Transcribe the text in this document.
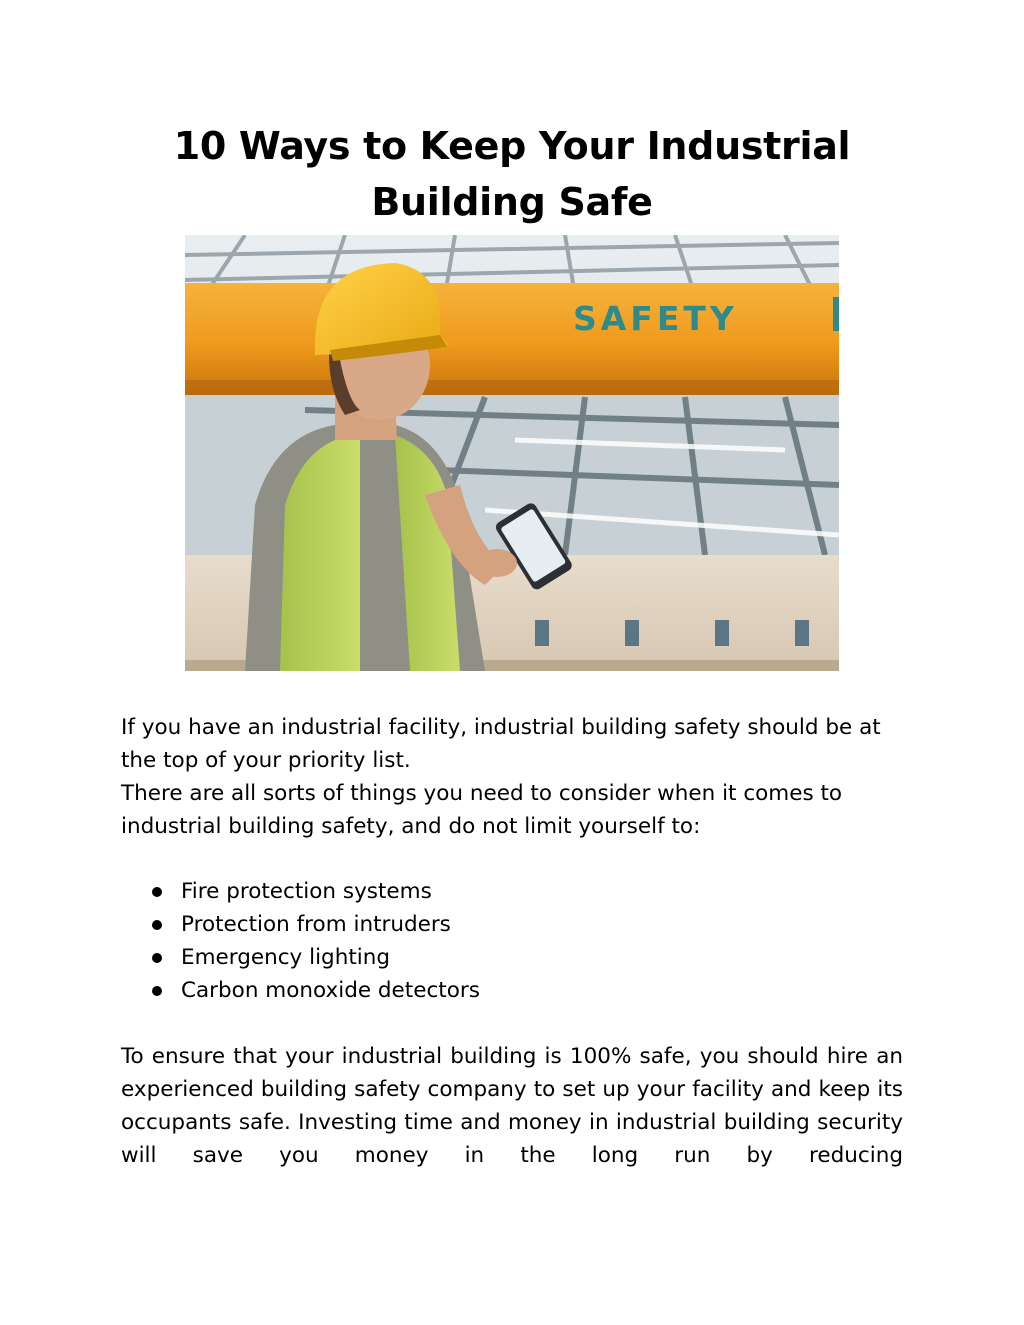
10 Ways to Keep Your Industrial Building Safe
SAFETY

If you have an industrial facility, industrial building safety should be at the top of your priority list.

There are all sorts of things you need to consider when it comes to industrial building safety, and do not limit yourself to:

Fire protection systems
Protection from intruders
Emergency lighting
Carbon monoxide detectors

To ensure that your industrial building is 100% safe, you should hire an experienced building safety company to set up your facility and keep its occupants safe. Investing time and money in industrial building security will save you money in the long run by reducing
